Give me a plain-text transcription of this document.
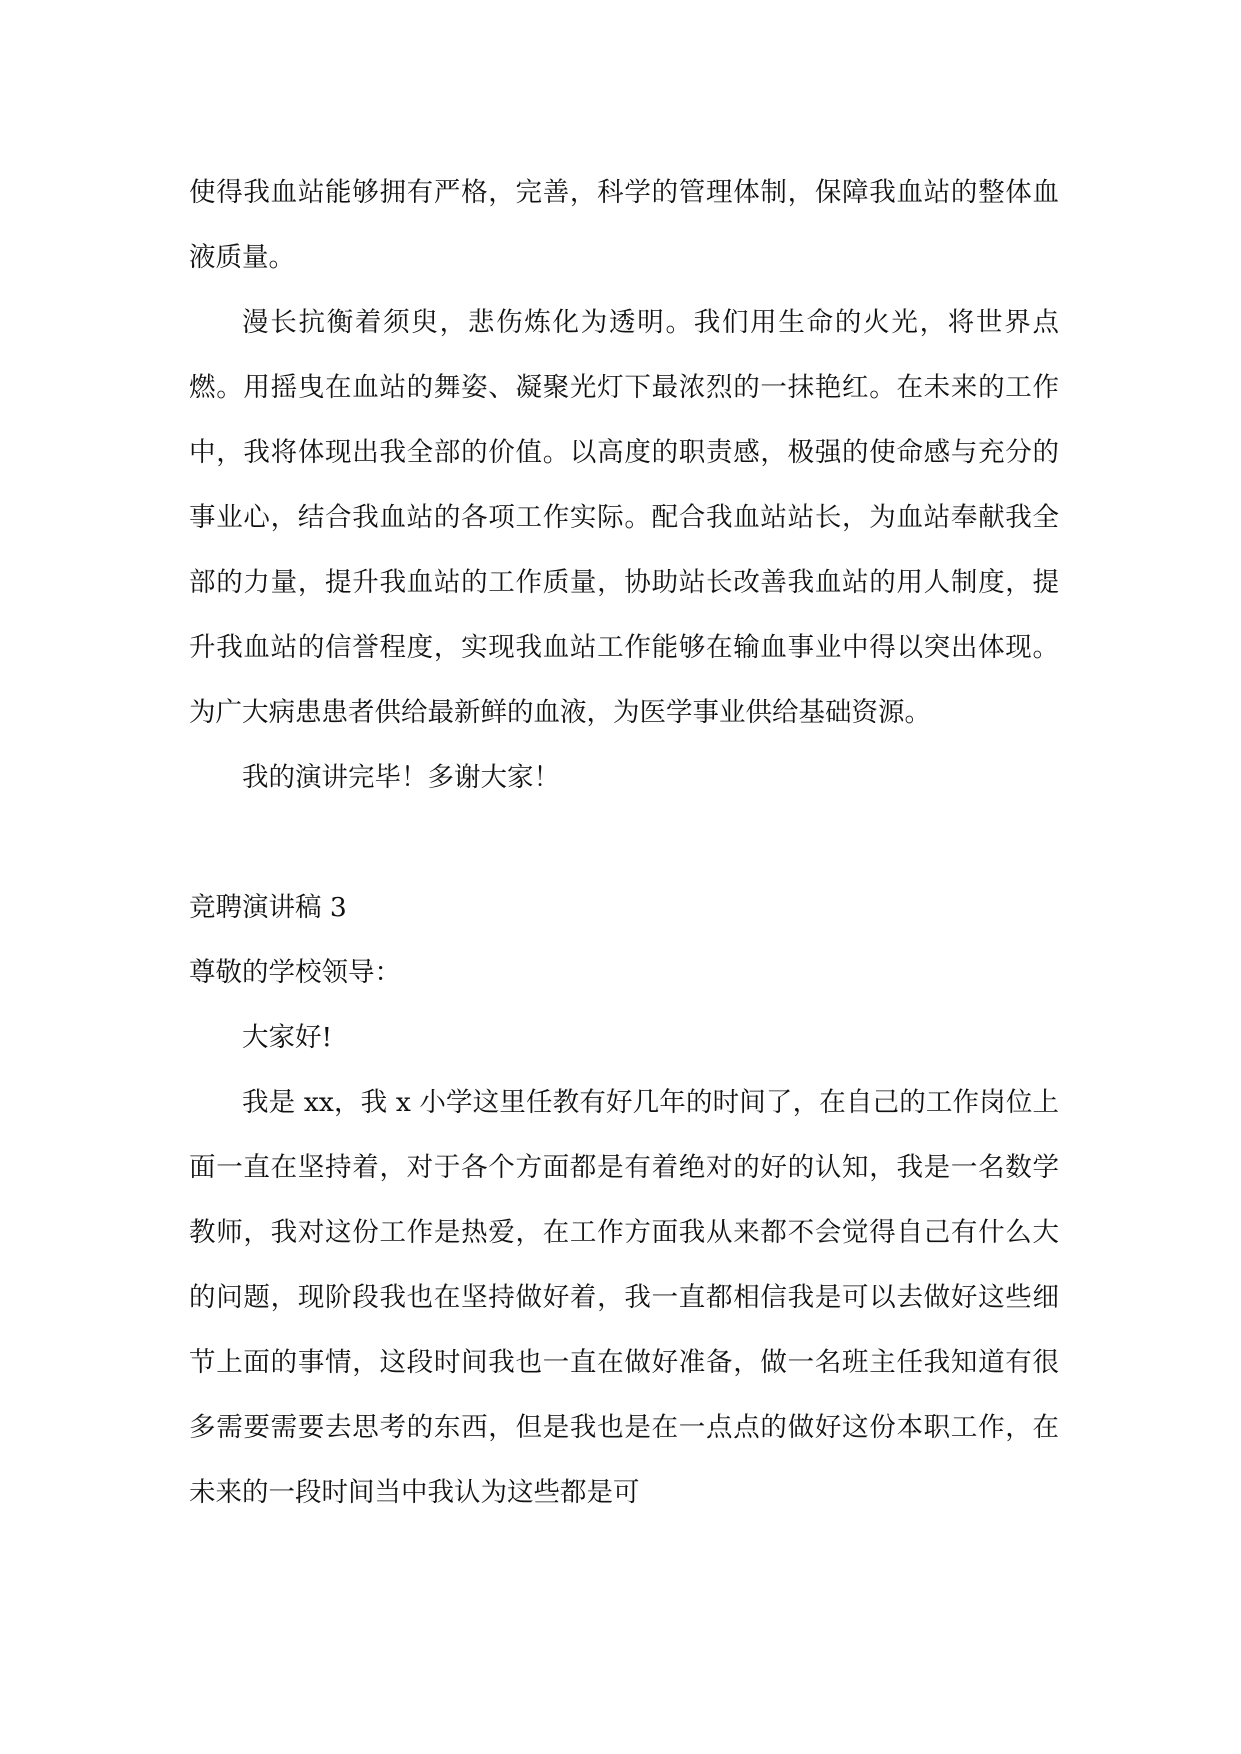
使得我血站能够拥有严格，完善，科学的管理体制，保障我血站的整体血液质量。

漫长抗衡着须臾，悲伤炼化为透明。我们用生命的火光，将世界点燃。用摇曳在血站的舞姿、凝聚光灯下最浓烈的一抹艳红。在未来的工作中，我将体现出我全部的价值。以高度的职责感，极强的使命感与充分的事业心，结合我血站的各项工作实际。配合我血站站长，为血站奉献我全部的力量，提升我血站的工作质量，协助站长改善我血站的用人制度，提升我血站的信誉程度，实现我血站工作能够在输血事业中得以突出体现。为广大病患患者供给最新鲜的血液，为医学事业供给基础资源。

我的演讲完毕！多谢大家！

竞聘演讲稿 3

尊敬的学校领导：

大家好!

我是 xx，我 x 小学这里任教有好几年的时间了，在自己的工作岗位上面一直在坚持着，对于各个方面都是有着绝对的好的认知，我是一名数学教师，我对这份工作是热爱，在工作方面我从来都不会觉得自己有什么大的问题，现阶段我也在坚持做好着，我一直都相信我是可以去做好这些细节上面的事情，这段时间我也一直在做好准备，做一名班主任我知道有很多需要需要去思考的东西，但是我也是在一点点的做好这份本职工作，在未来的一段时间当中我认为这些都是可
